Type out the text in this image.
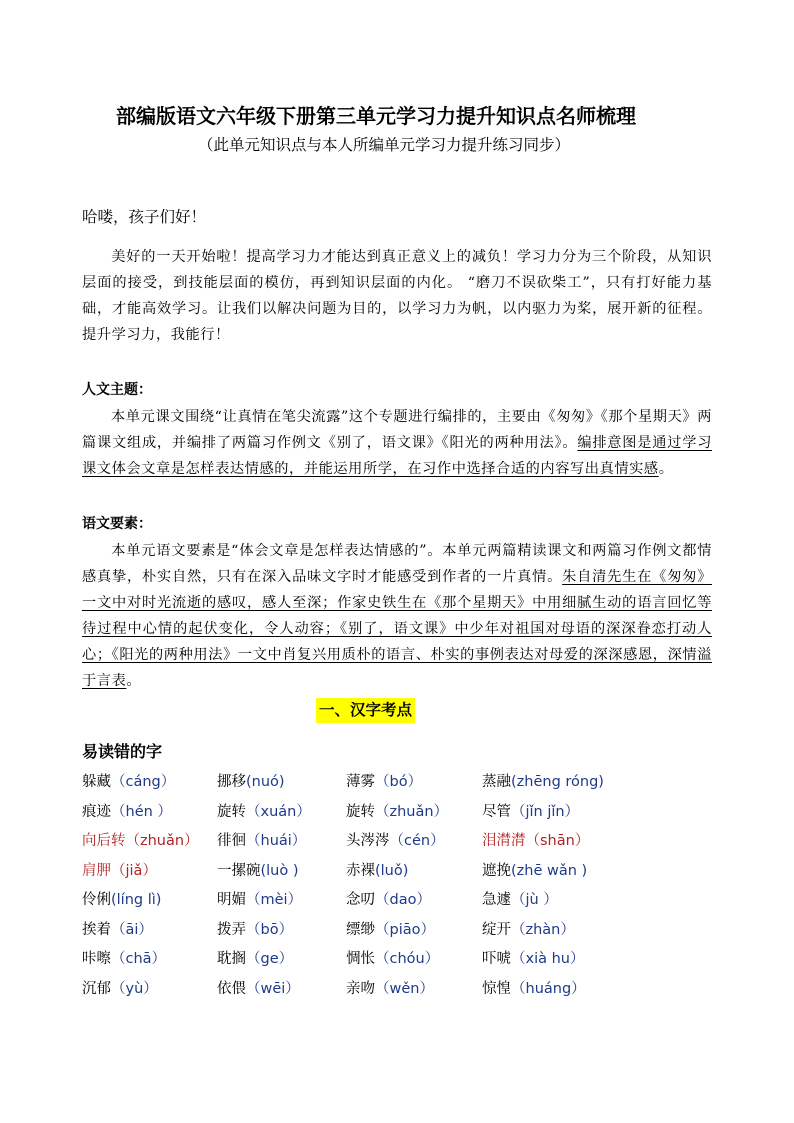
部编版语文六年级下册第三单元学习力提升知识点名师梳理
（此单元知识点与本人所编单元学习力提升练习同步）
哈喽，孩子们好！
美好的一天开始啦！提高学习力才能达到真正意义上的减负！学习力分为三个阶段，从知识层面的接受，到技能层面的模仿，再到知识层面的内化。 “磨刀不误砍柴工”，只有打好能力基础，才能高效学习。让我们以解决问题为目的，以学习力为帆，以内驱力为桨，展开新的征程。提升学习力，我能行！
人文主题：
本单元课文围绕“让真情在笔尖流露”这个专题进行编排的，主要由《匆匆》《那个星期天》两篇课文组成，并编排了两篇习作例文《别了，语文课》《阳光的两种用法》。编排意图是通过学习课文体会文章是怎样表达情感的，并能运用所学，在习作中选择合适的内容写出真情实感。
语文要素：
本单元语文要素是“体会文章是怎样表达情感的”。本单元两篇精读课文和两篇习作例文都情感真挚，朴实自然，只有在深入品味文字时才能感受到作者的一片真情。朱自清先生在《匆匆》一文中对时光流逝的感叹，感人至深；作家史铁生在《那个星期天》中用细腻生动的语言回忆等待过程中心情的起伏变化，令人动容；《别了，语文课》中少年对祖国对母语的深深眷恋打动人心；《阳光的两种用法》一文中肖复兴用质朴的语言、朴实的事例表达对母爱的深深感恩，深情溢于言表。
一、汉字考点
易读错的字
躲藏（cáng）	挪移(nuó)	薄雾（bó）	蒸融(zhēng róng)
痕迹（hén ）	旋转（xuán） 旋转（zhuǎn） 尽管（jǐn jǐn）
向后转（zhuǎn） 徘徊（huái）	头涔涔（cén）	泪潸潸（shān）
肩胛（jiǎ）	一摞碗(luò )	赤裸(luǒ)	遮挽(zhē wǎn )
伶俐(líng lì)	明媚（mèi）	念叨（dao）	急遽（jù ）
挨着（āi）	拨弄（bō）	缥缈（piāo）	绽开（zhàn）
咔嚓（chā）	耽搁（ge）	惆怅（chóu）	吓唬（xià hu）
沉郁（yù）	依偎（wēi）	亲吻（wěn）	惊惶（huáng）
